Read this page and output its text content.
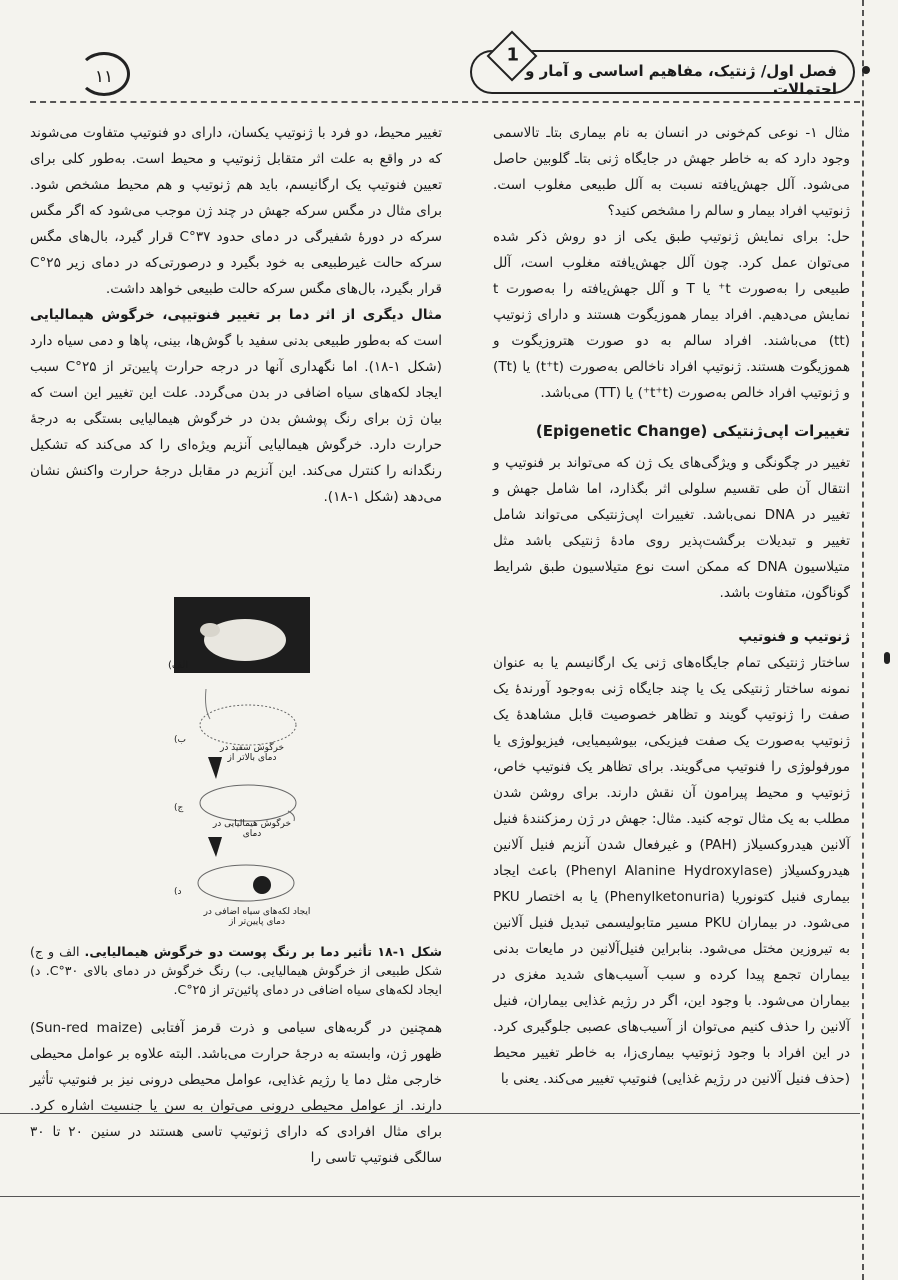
فصل اول/ ژنتیک، مفاهیم اساسی و آمار و احتمالات
1
۱۱

مثال ۱- نوعی کم‌خونی در انسان به نام بیماری بتا‌ـ تالاسمی وجود دارد که به خاطر جهش در جایگاه ژنی بتا‌ـ گلوبین حاصل می‌شود. آلل جهش‌یافته نسبت به آلل طبیعی مغلوب است. ژنوتیپ افراد بیمار و سالم را مشخص کنید؟

حل: برای نمایش ژنوتیپ طبق یکی از دو روش ذکر شده می‌توان عمل کرد. چون آلل جهش‌یافته مغلوب است، آلل طبیعی را به‌صورت t⁺ یا T و آلل جهش‌یافته را به‌صورت t نمایش می‌دهیم. افراد بیمار هموزیگوت هستند و دارای ژنوتیپ (tt) می‌باشند. افراد سالم به دو صورت هتروزیگوت و هموزیگوت هستند. ژنوتیپ افراد ناخالص به‌صورت (t⁺t) یا (Tt) و ژنوتیپ افراد خالص به‌صورت (t⁺t⁺) یا (TT) می‌باشد.

تغییرات اپی‌ژنتیکی (Epigenetic Change)

تغییر در چگونگی و ویژگی‌های یک ژن که می‌تواند بر فنوتیپ و انتقال آن طی تقسیم سلولی اثر بگذارد، اما شامل جهش و تغییر در DNA نمی‌باشد. تغییرات اپی‌ژنتیکی می‌تواند شامل تغییر و تبدیلات برگشت‌پذیر روی مادهٔ ژنتیکی باشد مثل متیلاسیون DNA که ممکن است نوع متیلاسیون طبق شرایط گوناگون، متفاوت باشد.

ژنوتیپ و فنوتیپ

ساختار ژنتیکی تمام جایگاه‌های ژنی یک ارگانیسم یا به عنوان نمونه ساختار ژنتیکی یک یا چند جایگاه ژنی به‌وجود آورندهٔ یک صفت را ژنوتیپ گویند و تظاهر خصوصیت قابل مشاهدهٔ یک ژنوتیپ به‌صورت یک صفت فیزیکی، بیوشیمیایی، فیزیولوژی یا مورفولوژی را فنوتیپ می‌گویند. برای تظاهر یک فنوتیپ خاص، ژنوتیپ و محیط پیرامون آن نقش دارند. برای روشن شدن مطلب به یک مثال توجه کنید. مثال: جهش در ژن رمزکنندهٔ فنیل آلانین هیدروکسیلاز (PAH) و غیرفعال شدن آنزیم فنیل آلانین هیدروکسیلاز (Phenyl Alanine Hydroxylase) باعث ایجاد بیماری فنیل کتونوریا (Phenylketonuria) یا به اختصار PKU می‌شود. در بیماران PKU مسیر متابولیسمی تبدیل فنیل آلانین به تیروزین مختل می‌شود. بنابراین فنیل‌آلانین در مایعات بدنی بیماران تجمع پیدا کرده و سبب آسیب‌های شدید مغزی در بیماران می‌شود. با وجود این، اگر در رژیم غذایی بیماران، فنیل آلانین را حذف کنیم می‌توان از آسیب‌های عصبی جلوگیری کرد. در این افراد با وجود ژنوتیپ بیماری‌زا، به خاطر تغییر محیط (حذف فنیل آلانین در رژیم غذایی) فنوتیپ تغییر می‌کند. یعنی با

تغییر محیط، دو فرد با ژنوتیپ یکسان، دارای دو فنوتیپ متفاوت می‌شوند که در واقع به علت اثر متقابل ژنوتیپ و محیط است. به‌طور کلی برای تعیین فنوتیپ یک ارگانیسم، باید هم ژنوتیپ و هم محیط مشخص شود. برای مثال در مگس سرکه جهش در چند ژن موجب می‌شود که اگر مگس سرکه در دورهٔ شفیرگی در دمای حدود ۳۷°C قرار گیرد، بال‌های مگس سرکه حالت غیرطبیعی به خود بگیرد و درصورتی‌که در دمای زیر ۲۵°C قرار بگیرد، بال‌های مگس سرکه حالت طبیعی خواهد داشت.

مثال دیگری از اثر دما بر تغییر فنوتیپی، خرگوش هیمالیایی است که به‌طور طبیعی بدنی سفید با گوش‌ها، بینی، پاها و دمی سیاه دارد (شکل ۱-۱۸). اما نگهداری آنها در درجه حرارت پایین‌تر از ۲۵°C سبب ایجاد لکه‌های سیاه اضافی در بدن می‌گردد. علت این تغییر این است که بیان ژن برای رنگ پوشش بدن در خرگوش هیمالیایی بستگی به درجهٔ حرارت دارد. خرگوش هیمالیایی آنزیم ویژه‌ای را کد می‌کند که تشکیل رنگدانه را کنترل می‌کند. این آنزیم در مقابل درجهٔ حرارت واکنش نشان می‌دهد (شکل ۱-۱۸).

الف)
ب)
خرگوش سفید در دمای بالاتر از
ج)
خرگوش هیمالیایی در دمای
د)
ایجاد لکه‌های سیاه اضافی در دمای پایین‌تر از
شکل ۱-۱۸ تأثیر دما بر رنگ پوست دو خرگوش هیمالیایی. الف و ج) شکل طبیعی از خرگوش هیمالیایی. ب) رنگ خرگوش در دمای بالای ۳۰°C. د) ایجاد لکه‌های سیاه اضافی در دمای پائین‌تر از ۲۵°C.

همچنین در گربه‌های سیامی و ذرت قرمز آفتابی (Sun-red maize) ظهور ژن، وابسته به درجهٔ حرارت می‌باشد. البته علاوه بر عوامل محیطی خارجی مثل دما یا رژیم غذایی، عوامل محیطی درونی نیز بر فنوتیپ تأثیر دارند. از عوامل محیطی درونی می‌توان به سن یا جنسیت اشاره کرد. برای مثال افرادی که دارای ژنوتیپ تاسی هستند در سنین ۲۰ تا ۳۰ سالگی فنوتیپ تاسی را
